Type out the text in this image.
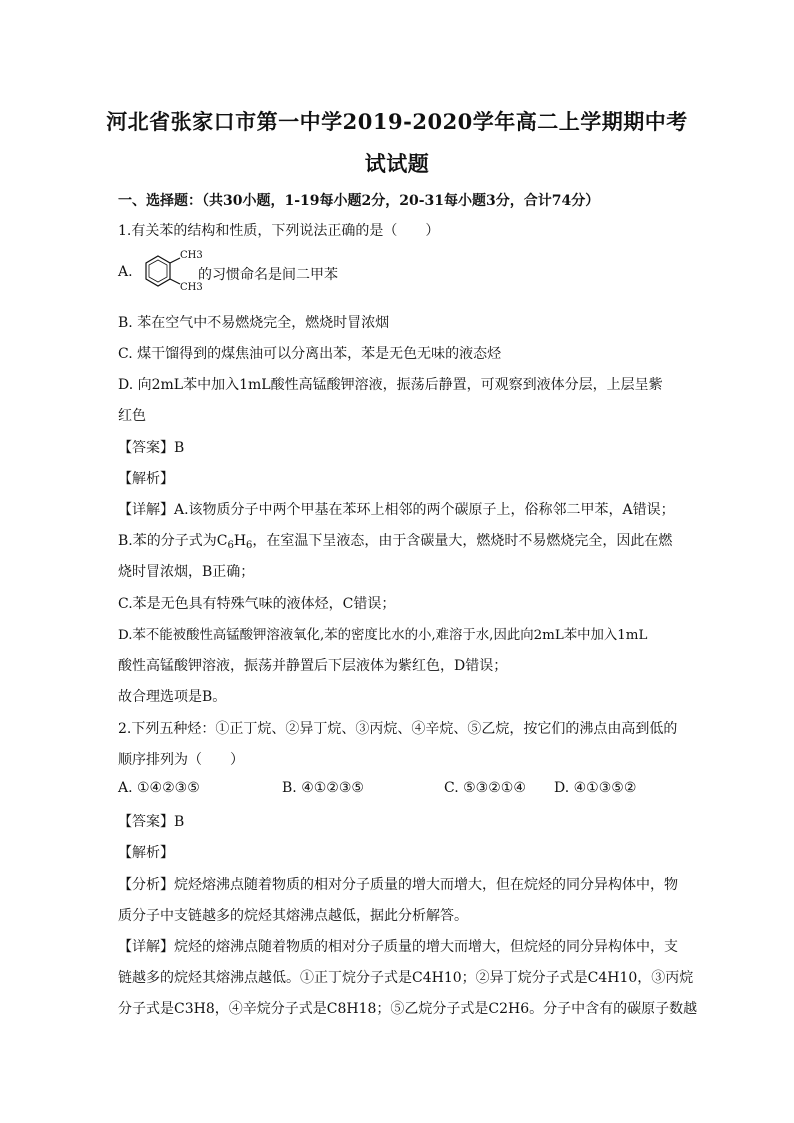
河北省张家口市第一中学2019-2020学年高二上学期期中考
试试题
一、选择题：（共30小题，1-19每小题2分，20-31每小题3分，合计74分）
1.有关苯的结构和性质，下列说法正确的是（　　）
A.
CH3
CH3
的习惯命名是间二甲苯
B. 苯在空气中不易燃烧完全，燃烧时冒浓烟
C. 煤干馏得到的煤焦油可以分离出苯，苯是无色无味的液态烃
D. 向2mL苯中加入1mL酸性高锰酸钾溶液，振荡后静置，可观察到液体分层，上层呈紫
红色
【答案】B
【解析】
【详解】A.该物质分子中两个甲基在苯环上相邻的两个碳原子上，俗称邻二甲苯，A错误；
B.苯的分子式为$C_6H_6$，在室温下呈液态，由于含碳量大，燃烧时不易燃烧完全，因此在燃
烧时冒浓烟，B正确；
C.苯是无色具有特殊气味的液体烃，C错误；
D.苯不能被酸性高锰酸钾溶液氧化,苯的密度比水的小,难溶于水,因此向2mL苯中加入1mL
酸性高锰酸钾溶液，振荡并静置后下层液体为紫红色，D错误；
故合理选项是B。
2.下列五种烃：①正丁烷、②异丁烷、③丙烷、④辛烷、⑤乙烷，按它们的沸点由高到低的
顺序排列为（　　）
A. ①④②③⑤	B. ④①②③⑤	C. ⑤③②①④ D. ④①③⑤②
【答案】B
【解析】
【分析】烷烃熔沸点随着物质的相对分子质量的增大而增大，但在烷烃的同分异构体中，物
质分子中支链越多的烷烃其熔沸点越低，据此分析解答。
【详解】烷烃的熔沸点随着物质的相对分子质量的增大而增大，但烷烃的同分异构体中，支
链越多的烷烃其熔沸点越低。①正丁烷分子式是C4H10；②异丁烷分子式是C4H10，③丙烷
分子式是C3H8，④辛烷分子式是C8H18；⑤乙烷分子式是C2H6。分子中含有的碳原子数越
